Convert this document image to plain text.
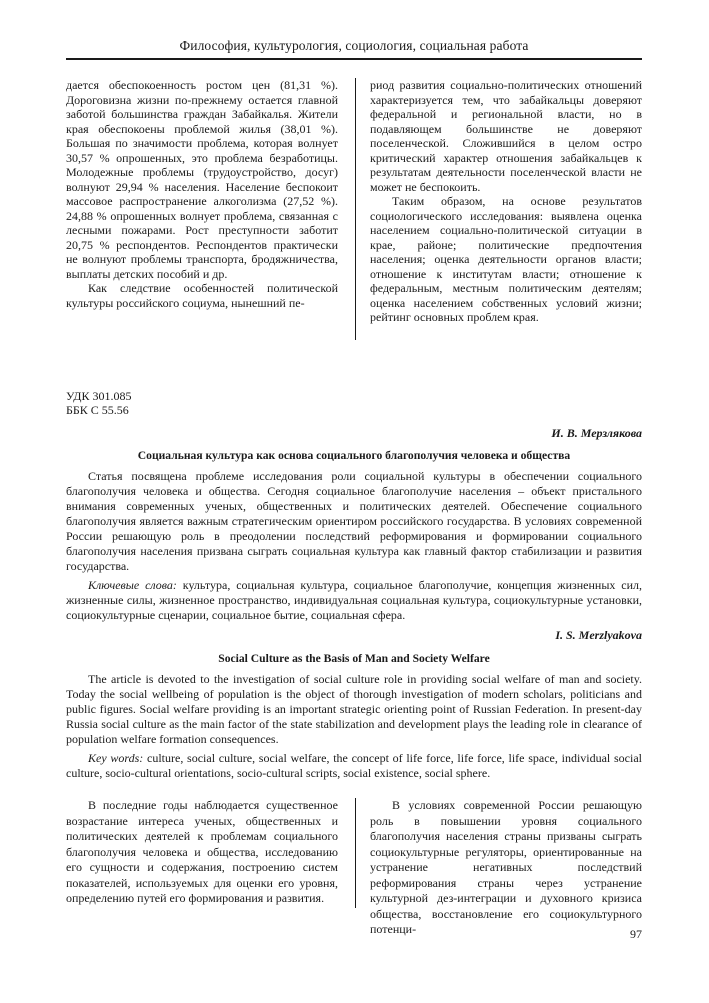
Философия, культурология, социология, социальная работа

дается обеспокоенность ростом цен (81,31 %). Дороговизна жизни по-прежнему остается главной заботой большинства граждан Забайкалья. Жители края обеспокоены проблемой жилья (38,01 %). Большая по значимости проблема, которая волнует 30,57 % опрошенных, это проблема безработицы. Молодежные проблемы (трудоустройство, досуг) волнуют 29,94 % населения. Население беспокоит массовое распространение алкоголизма (27,52 %). 24,88 % опрошенных волнует проблема, связанная с лесными пожарами. Рост преступности заботит 20,75 % респондентов. Респондентов практически не волнуют проблемы транспорта, бродяжничества, выплаты детских пособий и др.

Как следствие особенностей политической культуры российского социума, нынешний пе-

риод развития социально-политических отношений характеризуется тем, что забайкальцы доверяют федеральной и региональной власти, но в подавляющем большинстве не доверяют поселенческой. Сложившийся в целом остро критический характер отношения забайкальцев к результатам деятельности поселенческой власти не может не беспокоить.

Таким образом, на основе результатов социологического исследования: выявлена оценка населением социально-политической ситуации в крае, районе; политические предпочтения населения; оценка деятельности органов власти; отношение к институтам власти; отношение к федеральным, местным политическим деятелям; оценка населением собственных условий жизни; рейтинг основных проблем края.

УДК 301.085
ББК С 55.56
И. В. Мерзлякова
Социальная культура как основа социального благополучия человека и общества

Статья посвящена проблеме исследования роли социальной культуры в обеспечении социального благополучия человека и общества. Сегодня социальное благополучие населения – объект пристального внимания современных ученых, общественных и политических деятелей. Обеспечение социального благополучия является важным стратегическим ориентиром российского государства. В условиях современной России решающую роль в преодолении последствий реформирования и формировании социального благополучия населения призвана сыграть социальная культура как главный фактор стабилизации и развития государства.

Ключевые слова: культура, социальная культура, социальное благополучие, концепция жизненных сил, жизненные силы, жизненное пространство, индивидуальная социальная культура, социокультурные установки, социокультурные сценарии, социальное бытие, социальная сфера.

I. S. Merzlyakova
Social Culture as the Basis of Man and Society Welfare

The article is devoted to the investigation of social culture role in providing social welfare of man and society. Today the social wellbeing of population is the object of thorough investigation of modern scholars, politicians and public figures. Social welfare providing is an important strategic orienting point of Russian Federation. In present-day Russia social culture as the main factor of the state stabilization and development plays the leading role in clearance of population welfare formation consequences.

Key words: culture, social culture, social welfare, the concept of life force, life force, life space, individual social culture, socio-cultural orientations, socio-cultural scripts, social existence, social sphere.

В последние годы наблюдается существенное возрастание интереса ученых, общественных и политических деятелей к проблемам социального благополучия человека и общества, исследованию его сущности и содержания, построению систем показателей, используемых для оценки его уровня, определению путей его формирования и развития.

В условиях современной России решающую роль в повышении уровня социального благополучия населения страны призваны сыграть социокультурные регуляторы, ориентированные на устранение негативных последствий реформирования страны через устранение культурной дез-интеграции и духовного кризиса общества, восстановление его социокультурного потенци-	97
